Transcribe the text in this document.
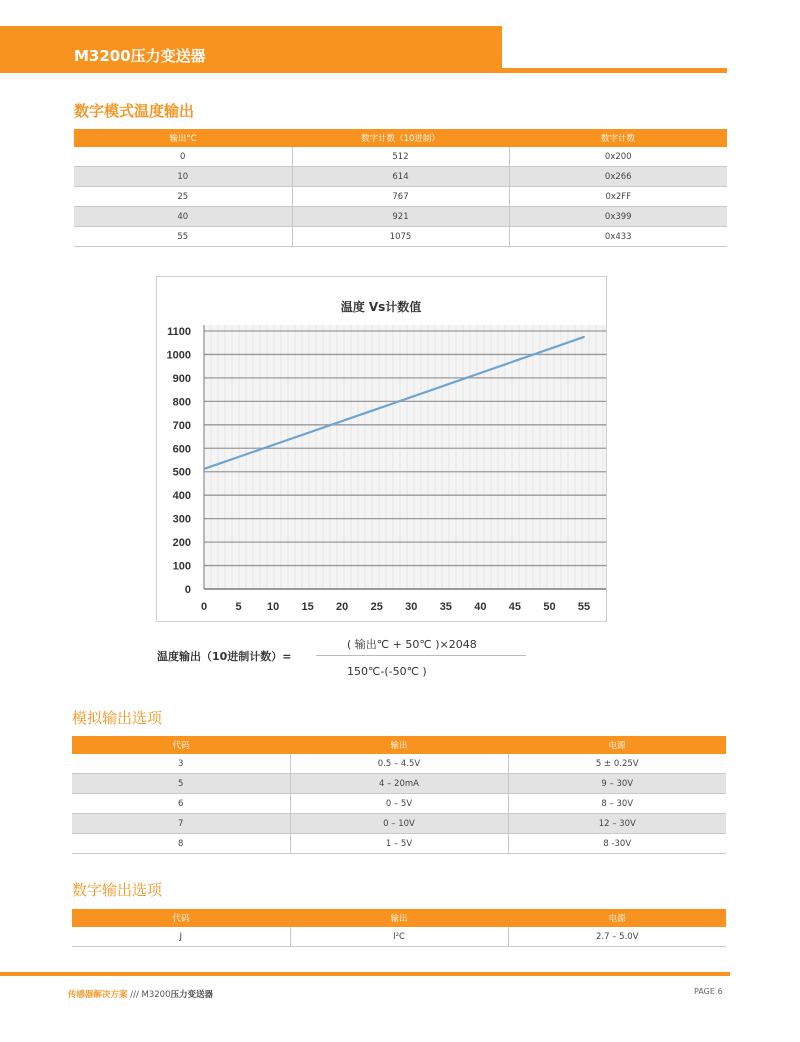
M3200压力变送器
数字模式温度输出
输出°C	数字计数（10进制）	数字计数
0	512	0x200
10	614	0x266
25	767	0x2FF
40	921	0x399
55	1075	0x433
0
100
200
300
400
500
600
700
800
900
1000
1100
0	5 10 15 20 25 30 35 40 45 50 55
温度 Vs计数值
温度输出（10进制计数）=
( 输出℃ + 50℃ )×2048
150℃-(-50℃ )
模拟输出选项
代码	输出	电源
3	0.5 – 4.5V	5 ± 0.25V
5	4 – 20mA	9 – 30V
6	0 – 5V	8 – 30V
7	0 – 10V	12 – 30V
8	1 – 5V	8 -30V
数字输出选项
代码	输出	电源
J	I²C	2.7 – 5.0V
传感器解决方案 /// M3200压力变送器	PAGE 6
